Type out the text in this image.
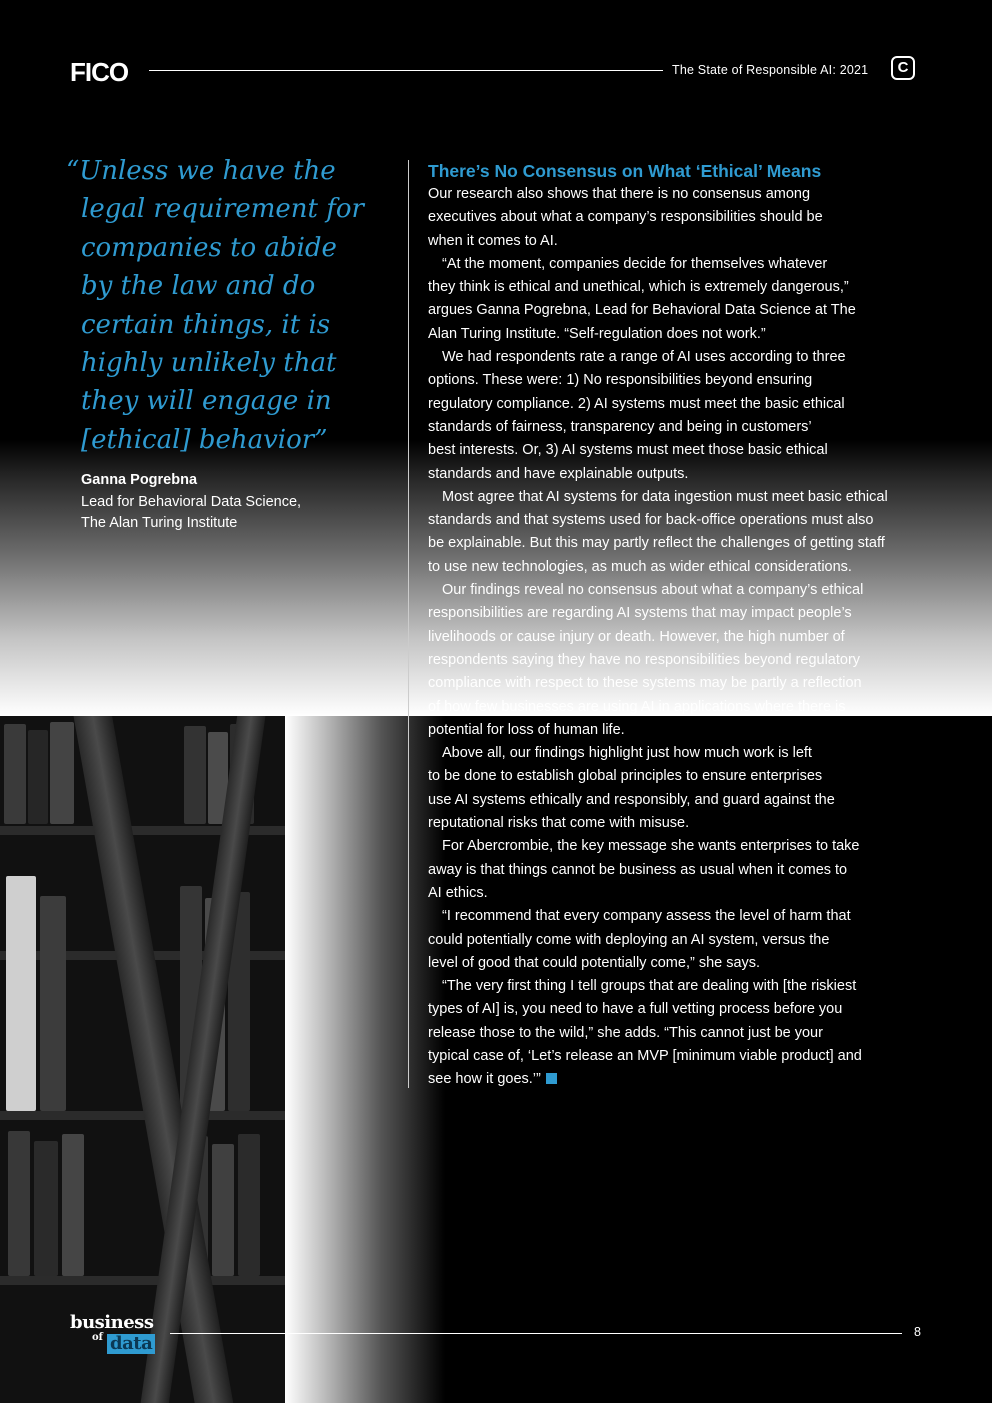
FICO	The State of Responsible AI: 2021	C

“Unless we have the
legal requirement for
companies to abide
by the law and do
certain things, it is
highly unlikely that
they will engage in
[ethical] behavior”

Ganna Pogrebna
Lead for Behavioral Data Science,
The Alan Turing Institute
There’s No Consensus on What ‘Ethical’ Means
Our research also shows that there is no consensus among
executives about what a company’s responsibilities should be
when it comes to AI.
“At the moment, companies decide for themselves whatever
they think is ethical and unethical, which is extremely dangerous,”
argues Ganna Pogrebna, Lead for Behavioral Data Science at The
Alan Turing Institute. “Self-regulation does not work.”
We had respondents rate a range of AI uses according to three
options. These were: 1) No responsibilities beyond ensuring
regulatory compliance. 2) AI systems must meet the basic ethical
standards of fairness, transparency and being in customers’
best interests. Or, 3) AI systems must meet those basic ethical
standards and have explainable outputs.
Most agree that AI systems for data ingestion must meet basic ethical
standards and that systems used for back-office operations must also
be explainable. But this may partly reflect the challenges of getting staff
to use new technologies, as much as wider ethical considerations.
Our findings reveal no consensus about what a company’s ethical
responsibilities are regarding AI systems that may impact people’s
livelihoods or cause injury or death. However, the high number of
respondents saying they have no responsibilities beyond regulatory
compliance with respect to these systems may be partly a reflection
of how few businesses are using AI in applications where there is
potential for loss of human life.
Above all, our findings highlight just how much work is left
to be done to establish global principles to ensure enterprises
use AI systems ethically and responsibly, and guard against the
reputational risks that come with misuse.
For Abercrombie, the key message she wants enterprises to take
away is that things cannot be business as usual when it comes to
AI ethics.
“I recommend that every company assess the level of harm that
could potentially come with deploying an AI system, versus the
level of good that could potentially come,” she says.
“The very first thing I tell groups that are dealing with [the riskiest
types of AI] is, you need to have a full vetting process before you
release those to the wild,” she adds. “This cannot just be your
typical case of, ‘Let’s release an MVP [minimum viable product] and
see how it goes.’”
business
of data
8
